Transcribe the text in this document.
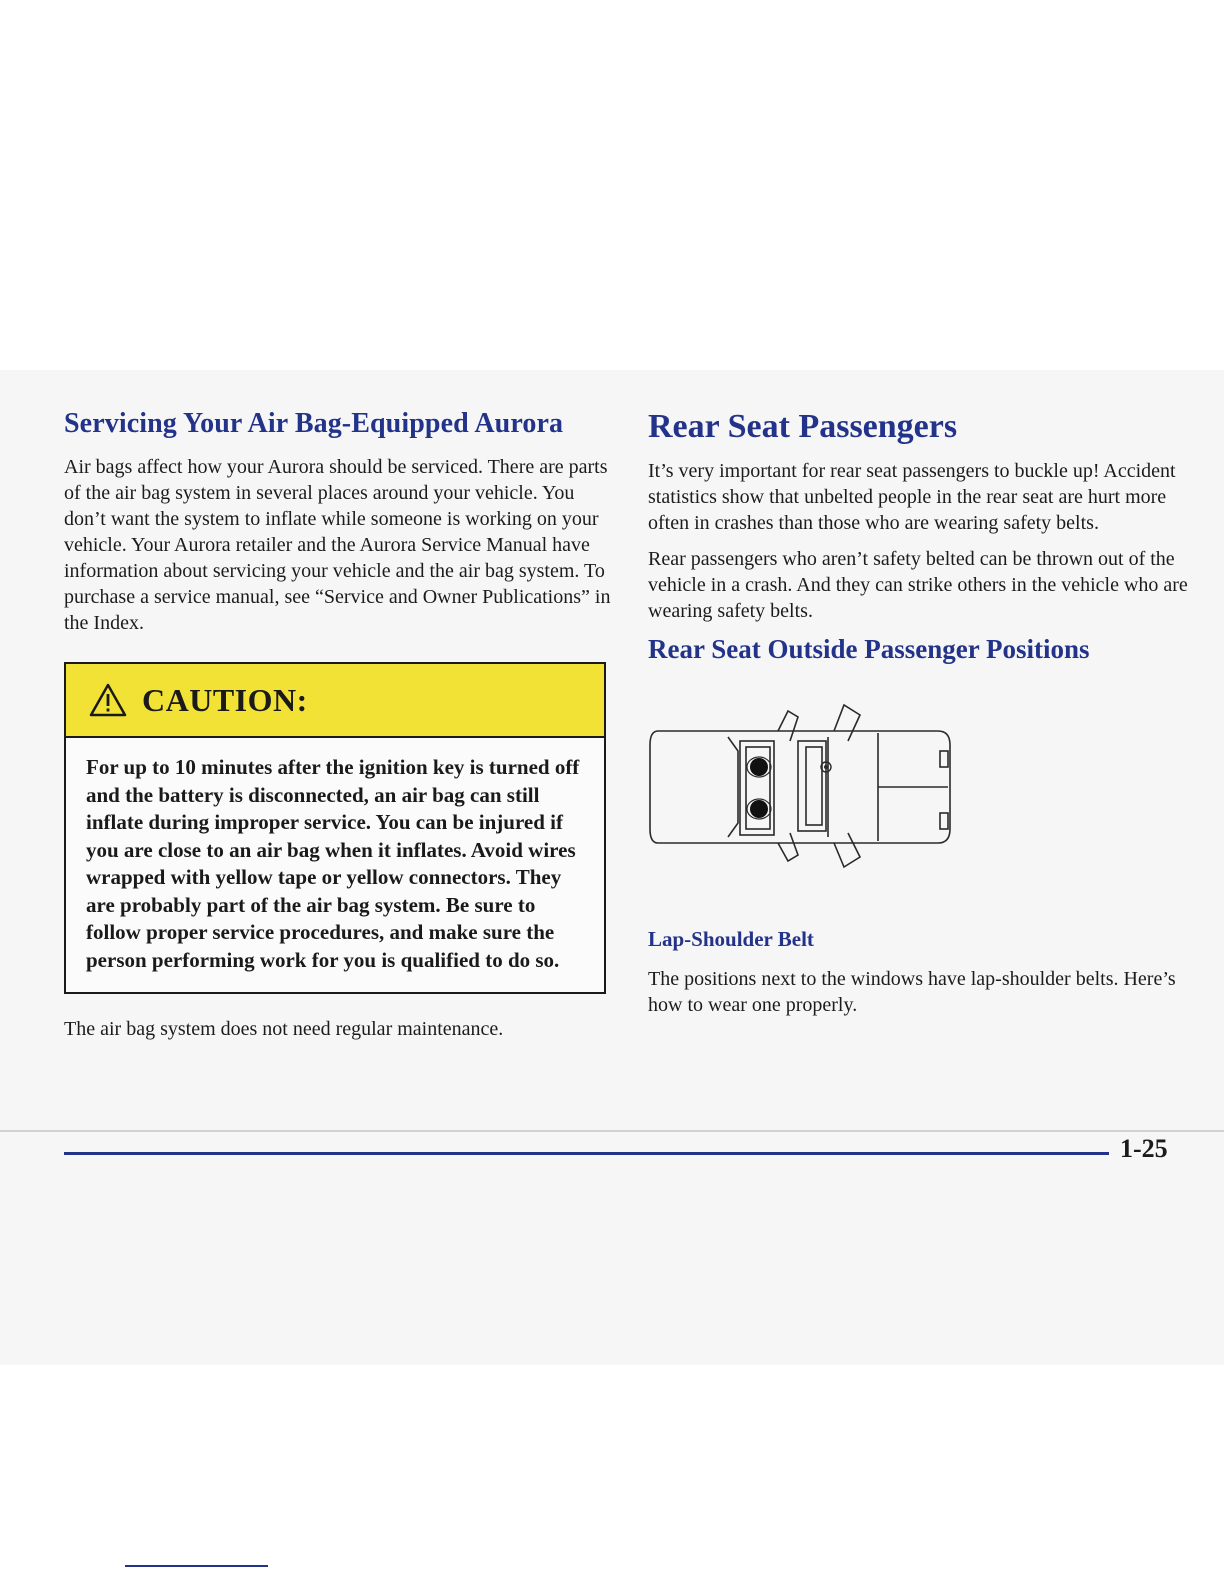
Servicing Your Air Bag-Equipped Aurora

Air bags affect how your Aurora should be serviced. There are parts of the air bag system in several places around your vehicle. You don’t want the system to inflate while someone is working on your vehicle. Your Aurora retailer and the Aurora Service Manual have information about servicing your vehicle and the air bag system. To purchase a service manual, see “Service and Owner Publications” in the Index.

CAUTION:
For up to 10 minutes after the ignition key is turned off and the battery is disconnected, an air bag can still inflate during improper service. You can be injured if you are close to an air bag when it inflates. Avoid wires wrapped with yellow tape or yellow connectors. They are probably part of the air bag system. Be sure to follow proper service procedures, and make sure the person performing work for you is qualified to do so.

The air bag system does not need regular maintenance.

Rear Seat Passengers

It’s very important for rear seat passengers to buckle up! Accident statistics show that unbelted people in the rear seat are hurt more often in crashes than those who are wearing safety belts.

Rear passengers who aren’t safety belted can be thrown out of the vehicle in a crash. And they can strike others in the vehicle who are wearing safety belts.

Rear Seat Outside Passenger Positions
Lap-Shoulder Belt

The positions next to the windows have lap-shoulder belts. Here’s how to wear one properly.

1-25
